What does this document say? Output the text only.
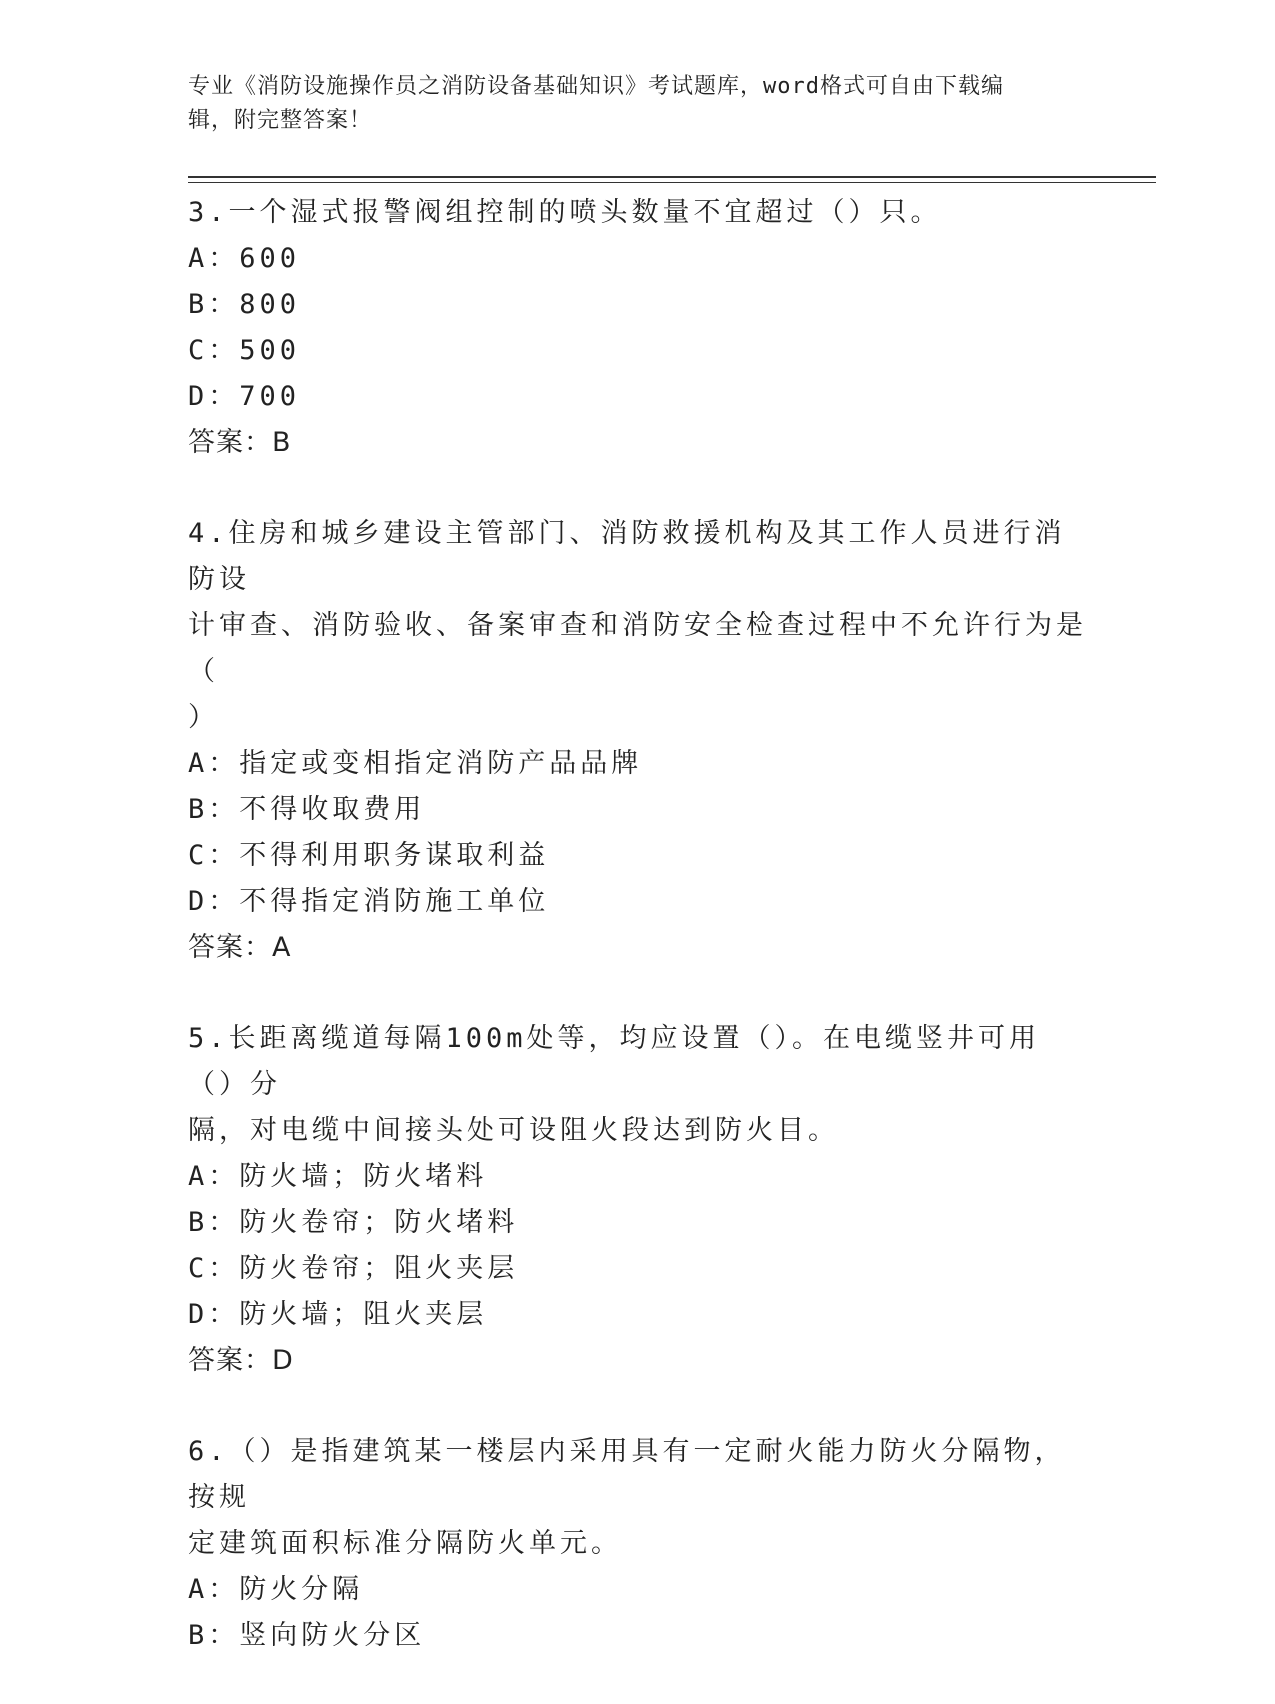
专业《消防设施操作员之消防设备基础知识》考试题库，word格式可自由下载编
辑，附完整答案！
3.一个湿式报警阀组控制的喷头数量不宜超过（）只。
A：600
B：800
C：500
D：700
答案：B
4.住房和城乡建设主管部门、消防救援机构及其工作人员进行消防设
计审查、消防验收、备案审查和消防安全检查过程中不允许行为是（
）
A：指定或变相指定消防产品品牌
B：不得收取费用
C：不得利用职务谋取利益
D：不得指定消防施工单位
答案：A
5.长距离缆道每隔100m处等，均应设置（）。在电缆竖井可用（）分
隔，对电缆中间接头处可设阻火段达到防火目。
A：防火墙；防火堵料
B：防火卷帘；防火堵料
C：防火卷帘；阻火夹层
D：防火墙；阻火夹层
答案：D
6.（）是指建筑某一楼层内采用具有一定耐火能力防火分隔物，按规
定建筑面积标准分隔防火单元。
A：防火分隔
B：竖向防火分区
